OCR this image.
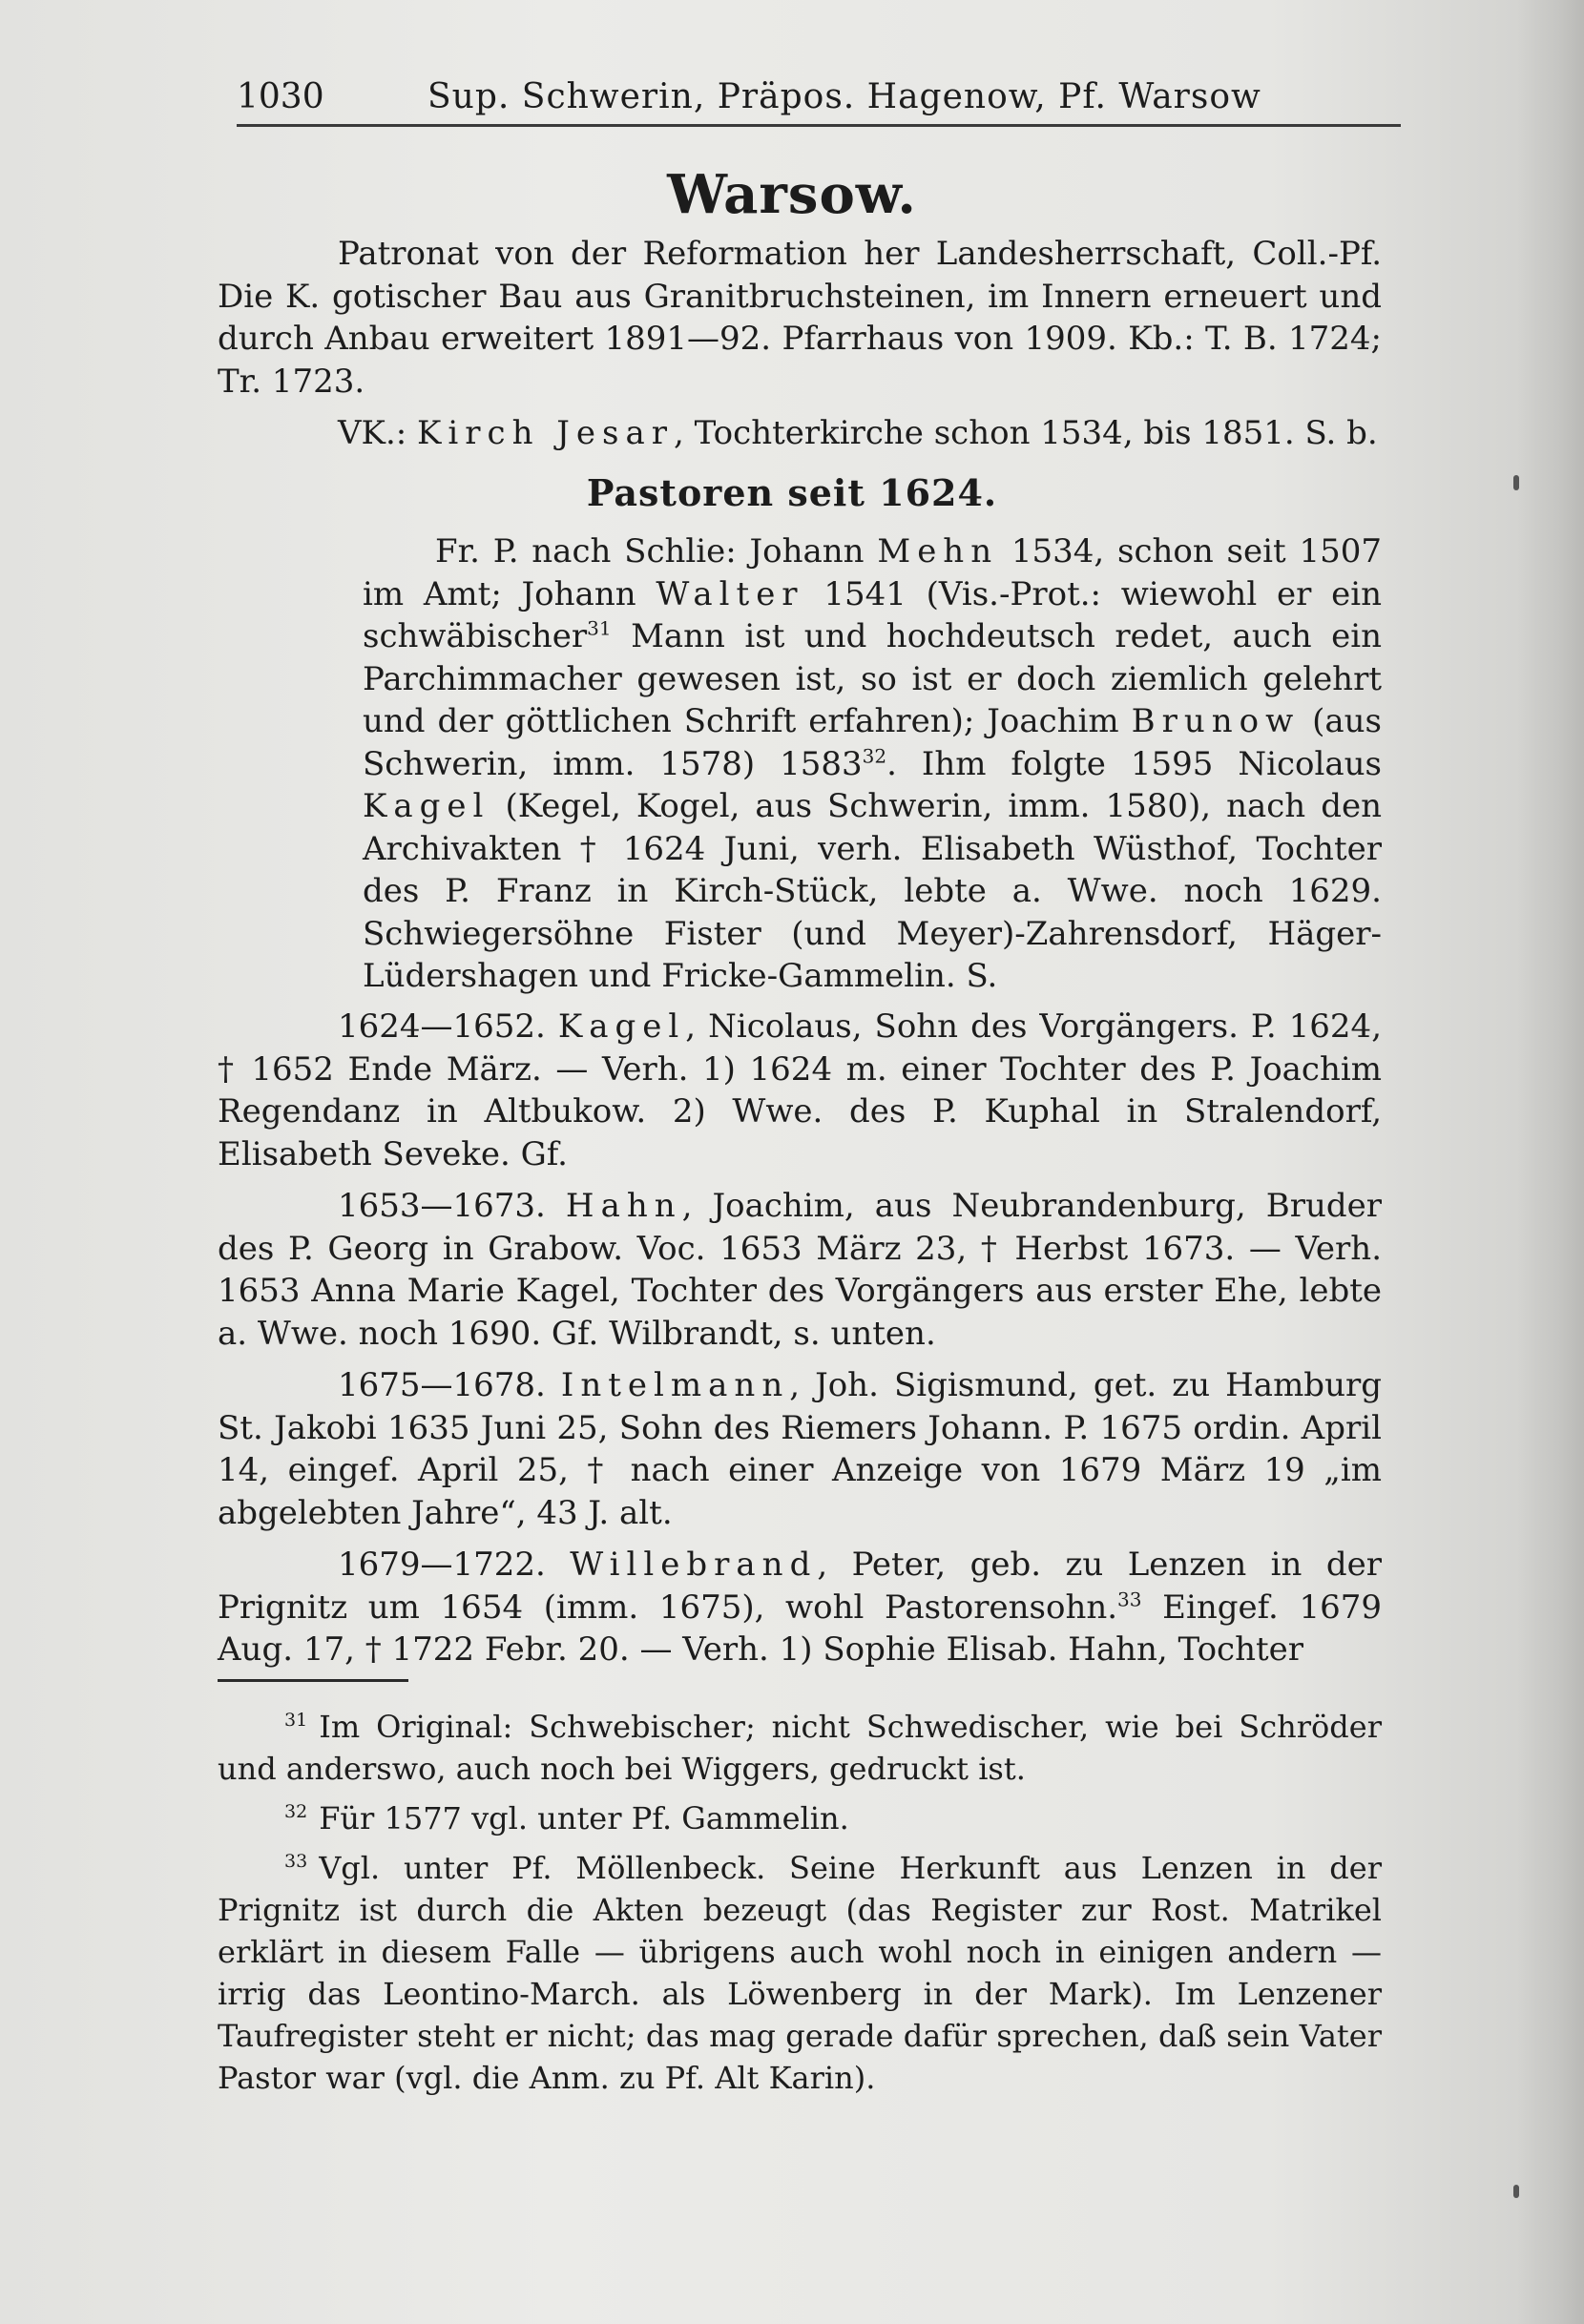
1030	Sup. Schwerin, Präpos. Hagenow, Pf. Warsow
Warsow.
Patronat von der Reformation her Landesherrschaft, Coll.-Pf. Die K. gotischer Bau aus Granitbruchsteinen, im Innern erneuert und durch Anbau erweitert 1891—92. Pfarrhaus von 1909. Kb.: T. B. 1724; Tr. 1723.
VK.: Kirch Jesar, Tochterkirche schon 1534, bis 1851. S. b.
Pastoren seit 1624.
Fr. P. nach Schlie: Johann Mehn 1534, schon seit 1507 im Amt; Johann Walter 1541 (Vis.-Prot.: wiewohl er ein schwäbischer$^{31}$ Mann ist und hochdeutsch redet, auch ein Parchimmacher gewesen ist, so ist er doch ziemlich gelehrt und der göttlichen Schrift erfahren); Joachim Brunow (aus Schwerin, imm. 1578) 1583$^{32}$. Ihm folgte 1595 Nicolaus Kagel (Kegel, Kogel, aus Schwerin, imm. 1580), nach den Archivakten † 1624 Juni, verh. Elisabeth Wüsthof, Tochter des P. Franz in Kirch-Stück, lebte a. Wwe. noch 1629. Schwiegersöhne Fister (und Meyer)-Zahrensdorf, Häger-Lüdershagen und Fricke-Gammelin. S.
1624—1652. Kagel, Nicolaus, Sohn des Vorgängers. P. 1624, † 1652 Ende März. — Verh. 1) 1624 m. einer Tochter des P. Joachim Regendanz in Altbukow. 2) Wwe. des P. Kuphal in Stralendorf, Elisabeth Seveke. Gf.
1653—1673. Hahn, Joachim, aus Neubrandenburg, Bruder des P. Georg in Grabow. Voc. 1653 März 23, † Herbst 1673. — Verh. 1653 Anna Marie Kagel, Tochter des Vorgängers aus erster Ehe, lebte a. Wwe. noch 1690. Gf. Wilbrandt, s. unten.
1675—1678. Intelmann, Joh. Sigismund, get. zu Hamburg St. Jakobi 1635 Juni 25, Sohn des Riemers Johann. P. 1675 ordin. April 14, eingef. April 25, † nach einer Anzeige von 1679 März 19 „im abgelebten Jahre“, 43 J. alt.
1679—1722. Willebrand, Peter, geb. zu Lenzen in der Prignitz um 1654 (imm. 1675), wohl Pastorensohn.$^{33}$ Eingef. 1679 Aug. 17, † 1722 Febr. 20. — Verh. 1) Sophie Elisab. Hahn, Tochter
$^{31}$ Im Original: Schwebischer; nicht Schwedischer, wie bei Schröder und anderswo, auch noch bei Wiggers, gedruckt ist.
$^{32}$ Für 1577 vgl. unter Pf. Gammelin.
$^{33}$ Vgl. unter Pf. Möllenbeck. Seine Herkunft aus Lenzen in der Prignitz ist durch die Akten bezeugt (das Register zur Rost. Matrikel erklärt in diesem Falle — übrigens auch wohl noch in einigen andern — irrig das Leontino-March. als Löwenberg in der Mark). Im Lenzener Taufregister steht er nicht; das mag gerade dafür sprechen, daß sein Vater Pastor war (vgl. die Anm. zu Pf. Alt Karin).
